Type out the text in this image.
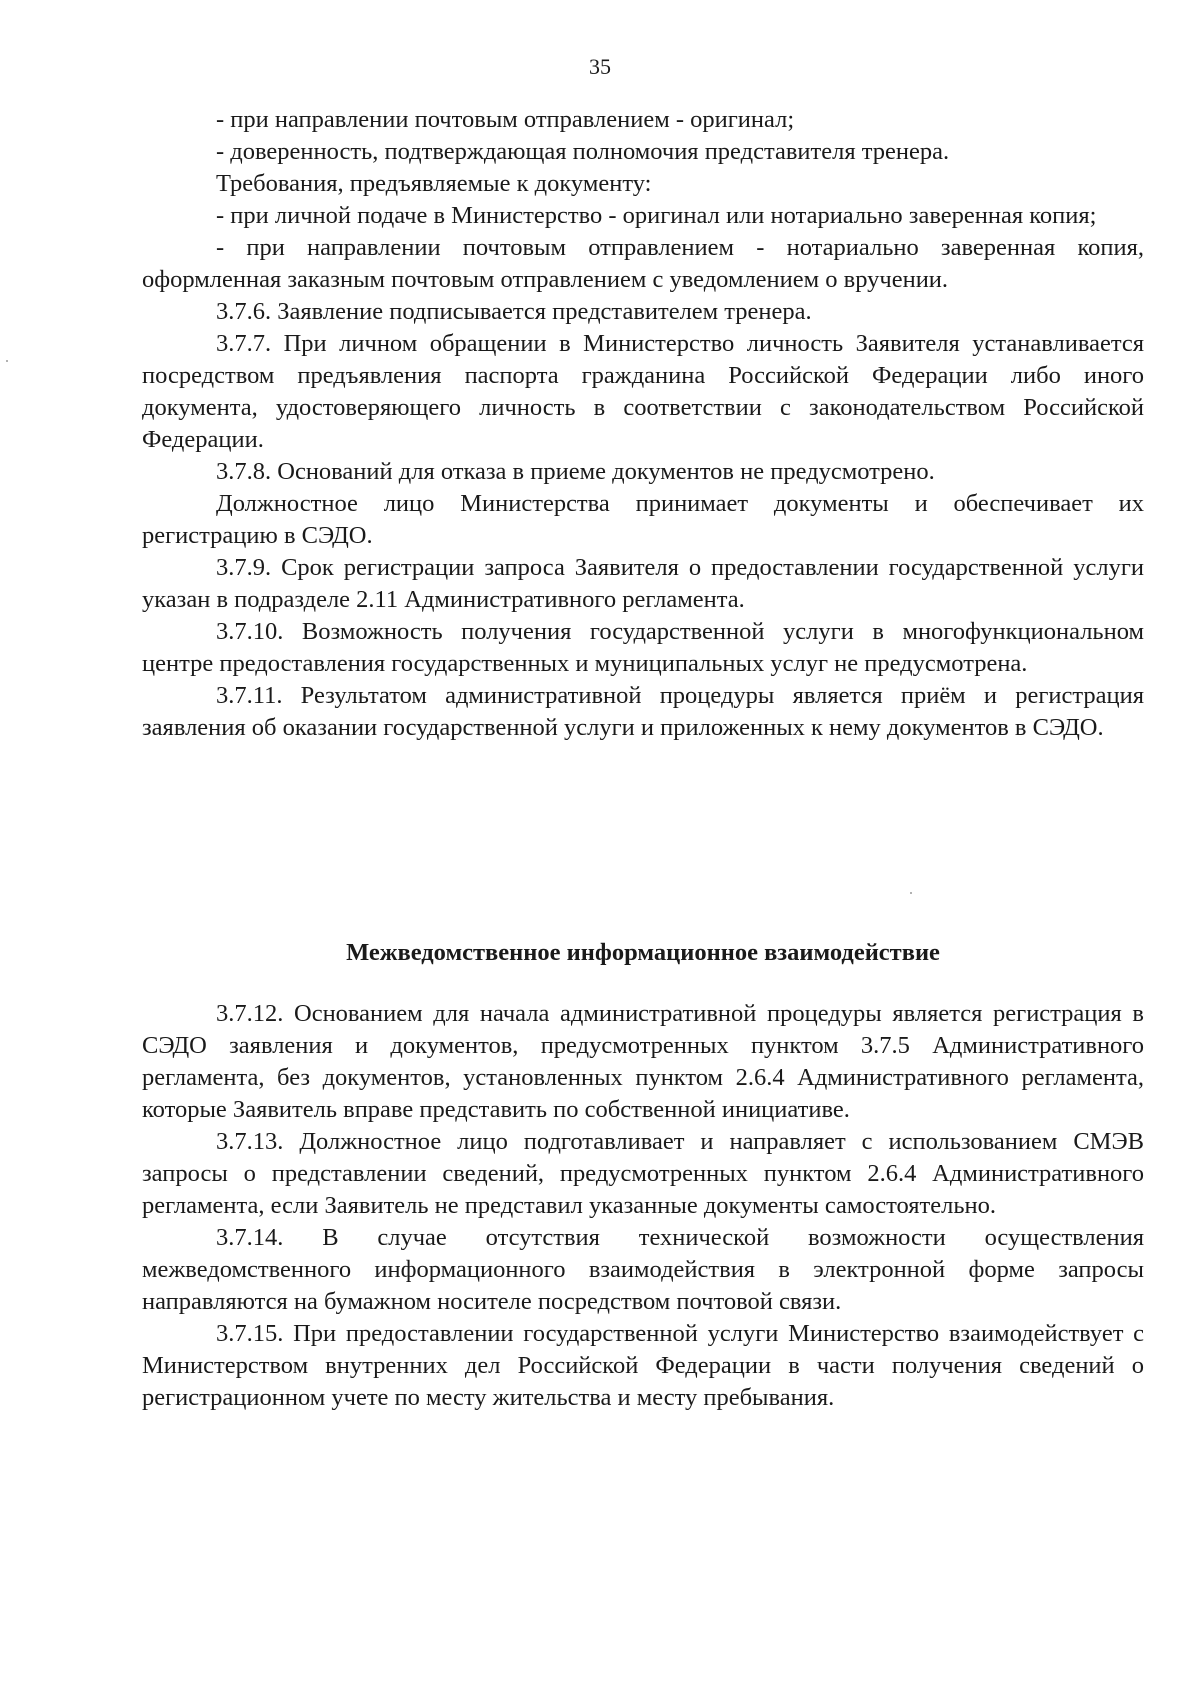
35

- при направлении почтовым отправлением - оригинал;

- доверенность, подтверждающая полномочия представителя тренера.

Требования, предъявляемые к документу:

- при личной подаче в Министерство - оригинал или нотариально заверенная копия;

- при направлении почтовым отправлением - нотариально заверенная копия, оформленная заказным почтовым отправлением с уведомлением о вручении.

3.7.6. Заявление подписывается представителем тренера.

3.7.7. При личном обращении в Министерство личность Заявителя устанавливается посредством предъявления паспорта гражданина Российской Федерации либо иного документа, удостоверяющего личность в соответствии с законодательством Российской Федерации.

3.7.8. Оснований для отказа в приеме документов не предусмотрено.

Должностное лицо Министерства принимает документы и обеспечивает их регистрацию в СЭДО.

3.7.9. Срок регистрации запроса Заявителя о предоставлении государственной услуги указан в подразделе 2.11 Административного регламента.

3.7.10. Возможность получения государственной услуги в многофункциональном центре предоставления государственных и муниципальных услуг не предусмотрена.

3.7.11. Результатом административной процедуры является приём и регистрация заявления об оказании государственной услуги и приложенных к нему документов в СЭДО.

Межведомственное информационное взаимодействие

3.7.12. Основанием для начала административной процедуры является регистрация в СЭДО заявления и документов, предусмотренных пунктом 3.7.5 Административного регламента, без документов, установленных пунктом 2.6.4 Административного регламента, которые Заявитель вправе представить по собственной инициативе.

3.7.13. Должностное лицо подготавливает и направляет с использованием СМЭВ запросы о представлении сведений, предусмотренных пунктом 2.6.4 Административного регламента, если Заявитель не представил указанные документы самостоятельно.

3.7.14. В случае отсутствия технической возможности осуществления межведомственного информационного взаимодействия в электронной форме запросы направляются на бумажном носителе посредством почтовой связи.

3.7.15. При предоставлении государственной услуги Министерство взаимодействует с Министерством внутренних дел Российской Федерации в части получения сведений о регистрационном учете по месту жительства и месту пребывания.
